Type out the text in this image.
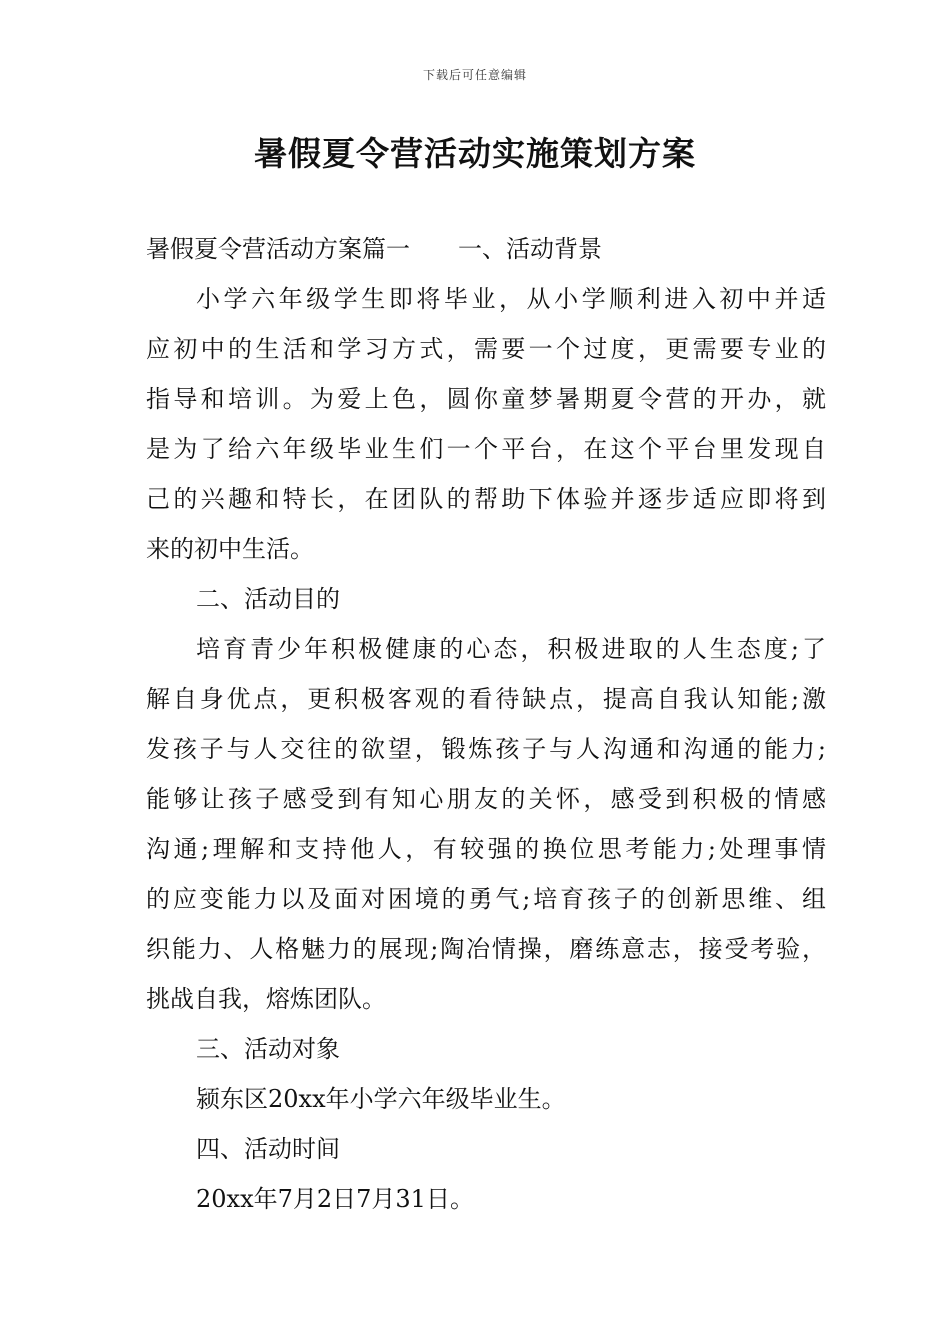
下载后可任意编辑
暑假夏令营活动实施策划方案
暑假夏令营活动方案篇一 一、活动背景
小学六年级学生即将毕业，从小学顺利进入初中并适
应初中的生活和学习方式，需要一个过度，更需要专业的
指导和培训。为爱上色，圆你童梦暑期夏令营的开办，就
是为了给六年级毕业生们一个平台，在这个平台里发现自
己的兴趣和特长，在团队的帮助下体验并逐步适应即将到
来的初中生活。
二、活动目的
培育青少年积极健康的心态，积极进取的人生态度;了
解自身优点，更积极客观的看待缺点，提高自我认知能;激
发孩子与人交往的欲望，锻炼孩子与人沟通和沟通的能力;
能够让孩子感受到有知心朋友的关怀，感受到积极的情感
沟通;理解和支持他人，有较强的换位思考能力;处理事情
的应变能力以及面对困境的勇气;培育孩子的创新思维、组
织能力、人格魅力的展现;陶冶情操，磨练意志，接受考验，
挑战自我，熔炼团队。
三、活动对象
颍东区20xx年小学六年级毕业生。
四、活动时间
20xx年7月2日7月31日。
